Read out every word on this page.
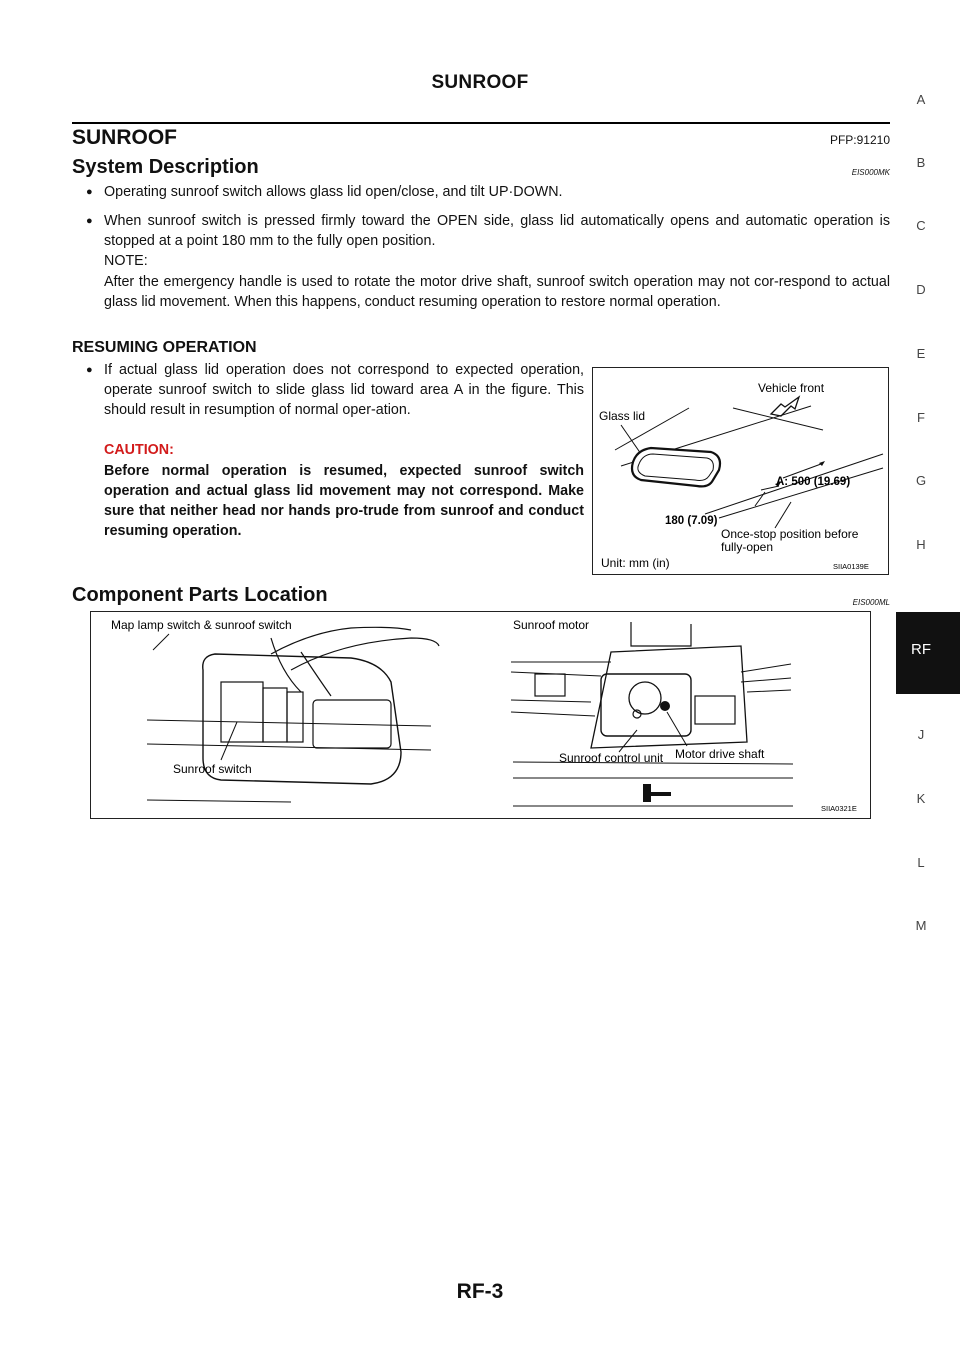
SUNROOF
SUNROOF	PFP:91210
System Description	EIS000MK
● Operating sunroof switch allows glass lid open/close, and tilt UP·DOWN.
● When sunroof switch is pressed firmly toward the OPEN side, glass lid automatically opens and automatic operation is stopped at a point 180 mm to the fully open position.
NOTE:
After the emergency handle is used to rotate the motor drive shaft, sunroof switch operation may not cor-respond to actual glass lid movement. When this happens, conduct resuming operation to restore normal operation.
RESUMING OPERATION
● If actual glass lid operation does not correspond to expected operation, operate sunroof switch to slide glass lid toward area A in the figure. This should result in resumption of normal oper-ation.
CAUTION:
Before normal operation is resumed, expected sunroof switch operation and actual glass lid movement may not correspond. Make sure that neither head nor hands pro-trude from sunroof and conduct resuming operation.
Vehicle front
Glass lid
A: 500 (19.69)
180 (7.09)
Once-stop position before
fully-open
Unit: mm (in)	SIIA0139E
Component Parts Location	EIS000ML
Map lamp switch & sunroof switch
Sunroof switch
Sunroof motor
Sunroof control unit Motor drive shaft
SIIA0321E
A
B
C
D
E
F
G
H
J
K
L
M
RF
RF-3
